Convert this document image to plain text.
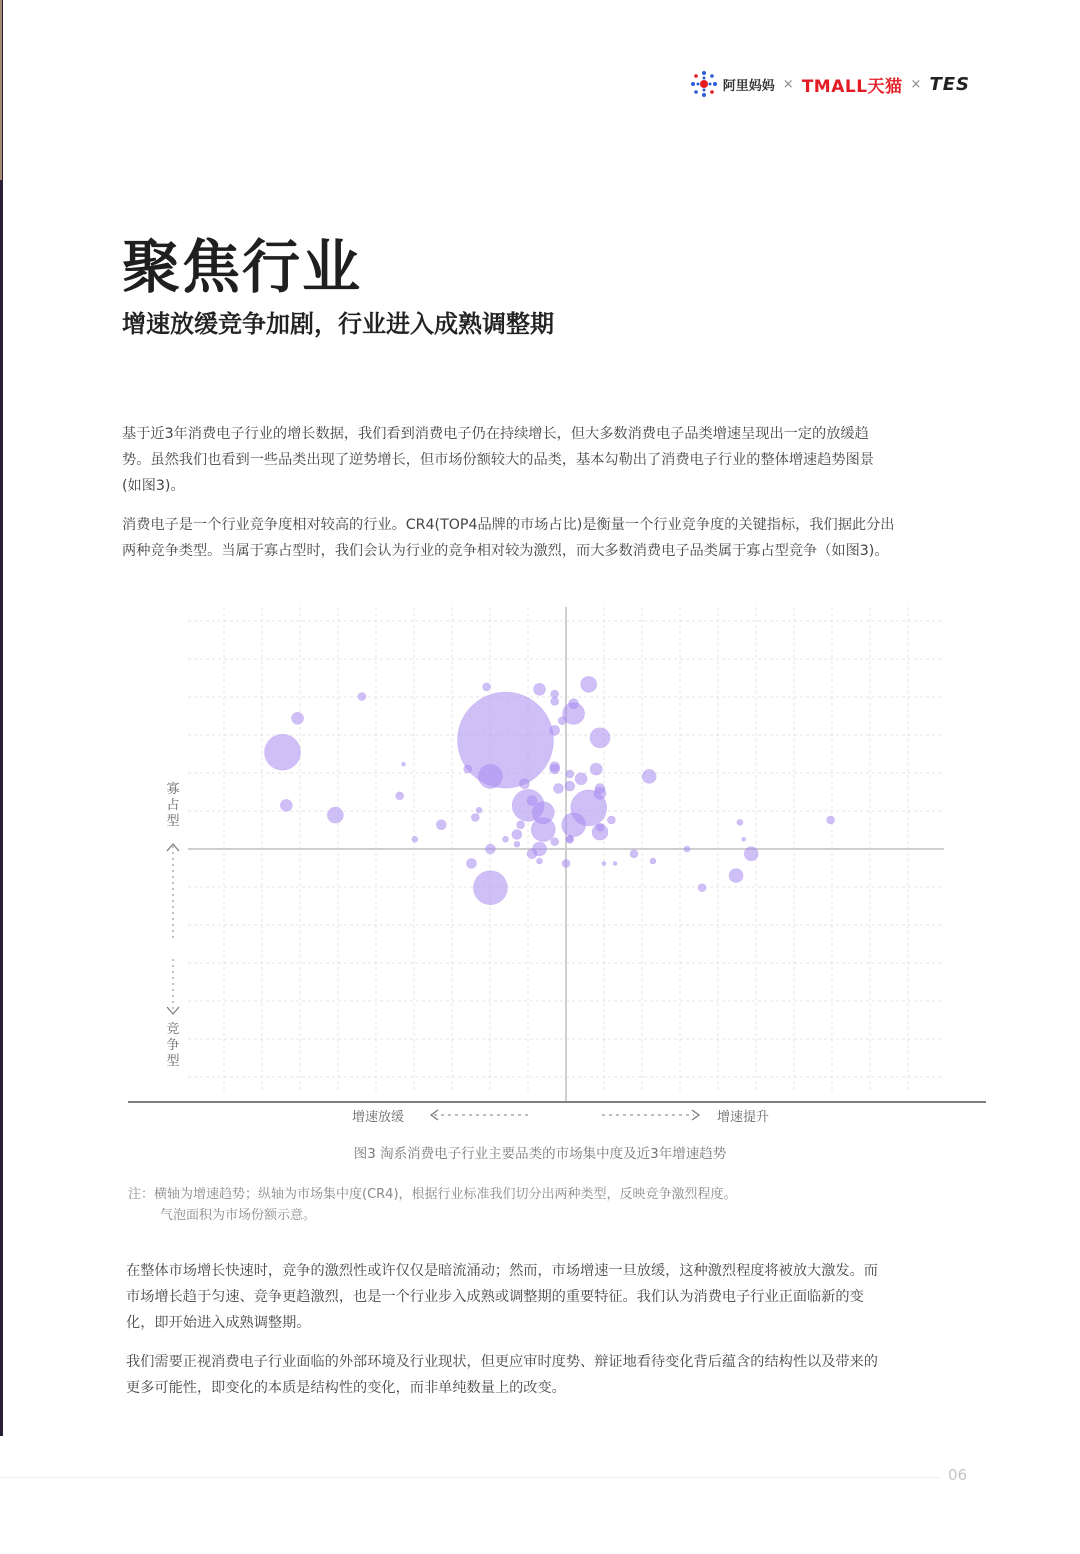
阿里妈妈 × TMALL天猫 × TES
聚焦行业
增速放缓竞争加剧，行业进入成熟调整期
基于近3年消费电子行业的增长数据，我们看到消费电子仍在持续增长，但大多数消费电子品类增速呈现出一定的放缓趋
势。虽然我们也看到一些品类出现了逆势增长，但市场份额较大的品类，基本勾勒出了消费电子行业的整体增速趋势图景
(如图3)。
消费电子是一个行业竞争度相对较高的行业。CR4(TOP4品牌的市场占比)是衡量一个行业竞争度的关键指标，我们据此分出
两种竞争类型。当属于寡占型时，我们会认为行业的竞争相对较为激烈，而大多数消费电子品类属于寡占型竞争（如图3)。
寡占型
竞争型
增速放缓	增速提升

图3 淘系消费电子行业主要品类的市场集中度及近3年增速趋势

注：横轴为增速趋势；纵轴为市场集中度(CR4)，根据行业标准我们切分出两种类型，反映竞争激烈程度。
气泡面积为市场份额示意。
在整体市场增长快速时，竞争的激烈性或许仅仅是暗流涌动；然而，市场增速一旦放缓，这种激烈程度将被放大激发。而
市场增长趋于匀速、竞争更趋激烈，也是一个行业步入成熟或调整期的重要特征。我们认为消费电子行业正面临新的变
化，即开始进入成熟调整期。
我们需要正视消费电子行业面临的外部环境及行业现状，但更应审时度势、辩证地看待变化背后蕴含的结构性以及带来的
更多可能性，即变化的本质是结构性的变化，而非单纯数量上的改变。
06
